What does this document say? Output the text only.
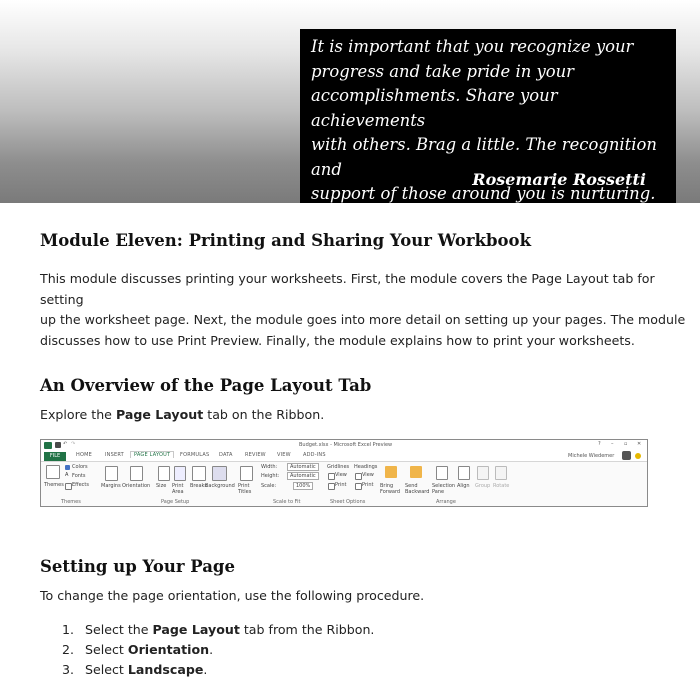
It is important that you recognize your
progress and take pride in your
accomplishments. Share your achievements
with others. Brag a little. The recognition and
support of those around you is nurturing.
Rosemarie Rossetti
Module Eleven: Printing and Sharing Your Workbook
This module discusses printing your worksheets. First, the module covers the Page Layout tab for setting
up the worksheet page. Next, the module goes into more detail on setting up your pages. The module
discusses how to use Print Preview. Finally, the module explains how to print your worksheets.
An Overview of the Page Layout Tab
Explore the Page Layout tab on the Ribbon.
↶ ↷	Budget.xlsx - Microsoft Excel Preview	? – ▫ ✕
FILE	HOME	INSERT	PAGE LAYOUT	FORMULAS DATA REVIEW VIEW ADD-INS	Michele Wiedemer
Themes
Colors
A Fonts
Effects
Themes
Margins Orientation Size Print Area
Breaks
Background Print Titles
Page Setup
Width:	Automatic
Height:	Automatic
Scale:	100%
Scale to Fit
Gridlines Headings
View	View
Print	Print
Sheet Options
Bring Forward
Send Backward
Selection Pane
Align Group Rotate
Arrange
Setting up Your Page
To change the page orientation, use the following procedure.
1. Select the Page Layout tab from the Ribbon.
2. Select Orientation.
3. Select Landscape.
